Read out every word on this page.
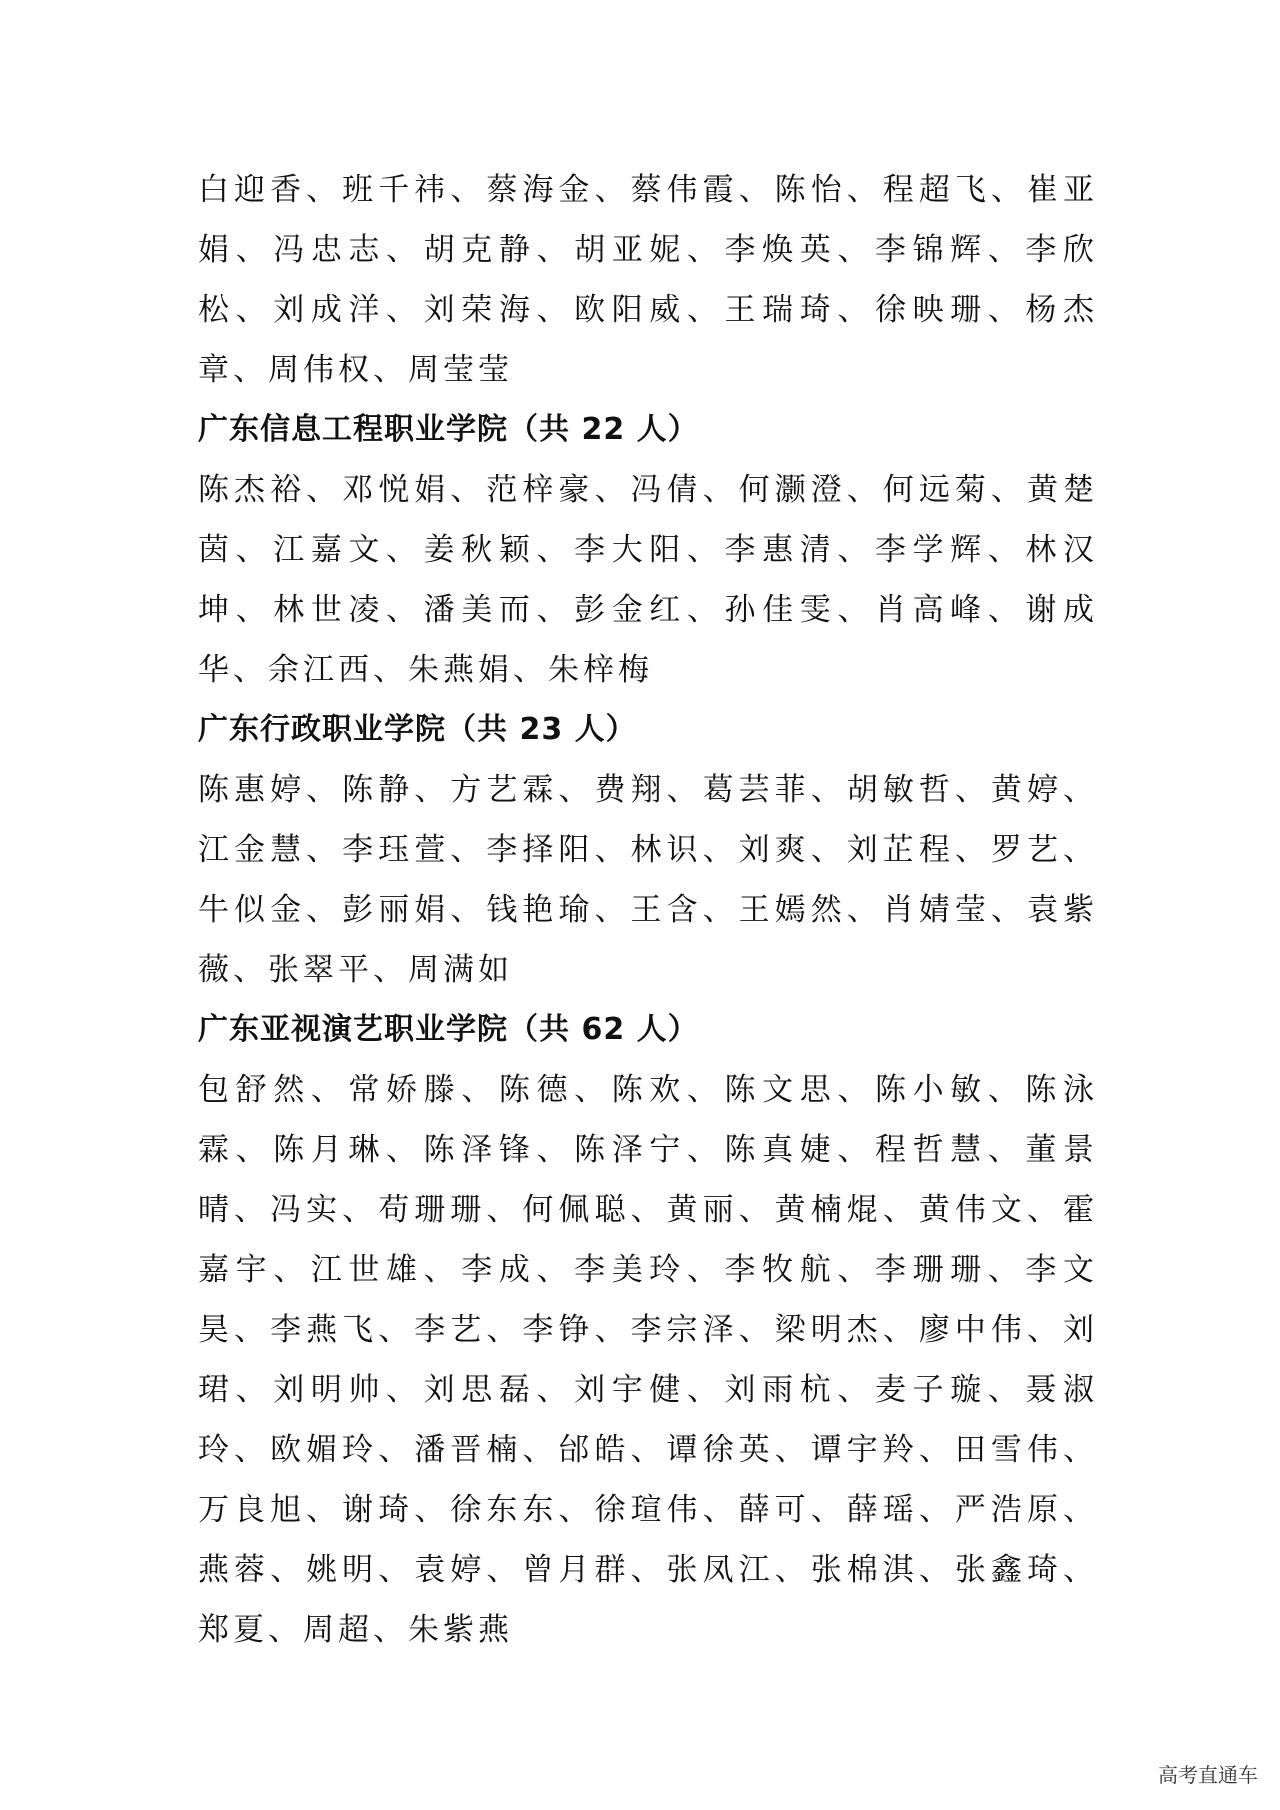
白迎香、班千祎、蔡海金、蔡伟霞、陈怡、程超飞、崔亚娟、冯忠志、胡克静、胡亚妮、李焕英、李锦辉、李欣松、刘成洋、刘荣海、欧阳威、王瑞琦、徐映珊、杨杰章、周伟权、周莹莹

广东信息工程职业学院（共 22 人）

陈杰裕、邓悦娟、范梓豪、冯倩、何灏澄、何远菊、黄楚茵、江嘉文、姜秋颖、李大阳、李惠清、李学辉、林汉坤、林世凌、潘美而、彭金红、孙佳雯、肖高峰、谢成华、余江西、朱燕娟、朱梓梅

广东行政职业学院（共 23 人）

陈惠婷、陈静、方艺霖、费翔、葛芸菲、胡敏哲、黄婷、江金慧、李珏萱、李择阳、林识、刘爽、刘芷程、罗艺、牛似金、彭丽娟、钱艳瑜、王含、王嫣然、肖婧莹、袁紫薇、张翠平、周满如

广东亚视演艺职业学院（共 62 人）

包舒然、常娇滕、陈德、陈欢、陈文思、陈小敏、陈泳霖、陈月琳、陈泽锋、陈泽宁、陈真婕、程哲慧、董景晴、冯实、苟珊珊、何佩聪、黄丽、黄楠焜、黄伟文、霍嘉宇、江世雄、李成、李美玲、李牧航、李珊珊、李文昊、李燕飞、李艺、李铮、李宗泽、梁明杰、廖中伟、刘珺、刘明帅、刘思磊、刘宇健、刘雨杭、麦子璇、聂淑玲、欧媚玲、潘晋楠、邰皓、谭徐英、谭宇羚、田雪伟、万良旭、谢琦、徐东东、徐瑄伟、薛可、薛瑶、严浩原、燕蓉、姚明、袁婷、曾月群、张凤江、张棉淇、张鑫琦、郑夏、周超、朱紫燕

高考直通车
